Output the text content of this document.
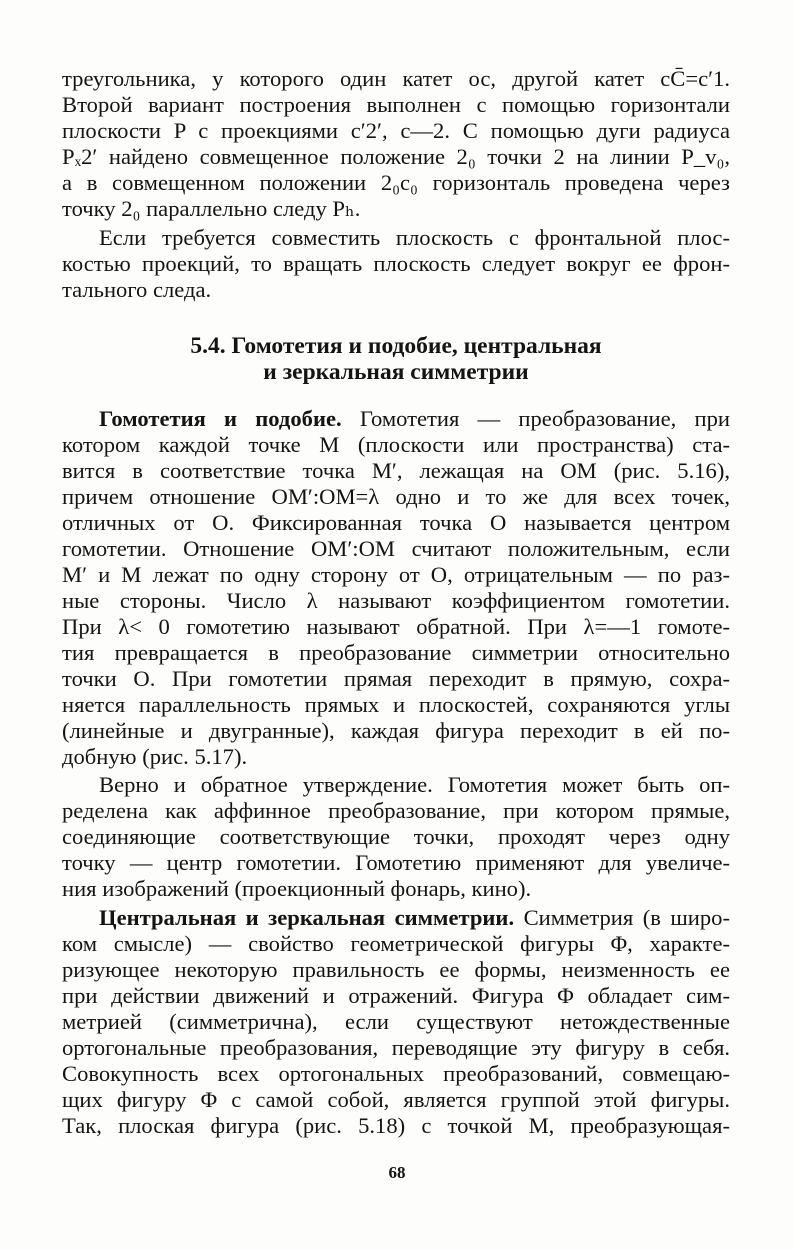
треугольника, у которого один катет ос, другой катет сC̄=с′1.
Второй вариант построения выполнен с помощью горизонтали
плоскости P с проекциями с′2′, с—2. С помощью дуги радиуса
Pₓ2′ найдено совмещенное положение 2₀ точки 2 на линии P_v₀,
а в совмещенном положении 2₀с₀ горизонталь проведена через
точку 2₀ параллельно следу Pₕ.
Если требуется совместить плоскость с фронтальной плос-
костью проекций, то вращать плоскость следует вокруг ее фрон-
тального следа.
5.4. Гомотетия и подобие, центральная
и зеркальная симметрии
Гомотетия и подобие. Гомотетия — преобразование, при
котором каждой точке M (плоскости или пространства) ста-
вится в соответствие точка M′, лежащая на OM (рис. 5.16),
причем отношение OM′:OM=λ одно и то же для всех точек,
отличных от O. Фиксированная точка O называется центром
гомотетии. Отношение OM′:OM считают положительным, если
M′ и M лежат по одну сторону от O, отрицательным — по раз-
ные стороны. Число λ называют коэффициентом гомотетии.
При λ< 0 гомотетию называют обратной. При λ=—1 гомоте-
тия превращается в преобразование симметрии относительно
точки O. При гомотетии прямая переходит в прямую, сохра-
няется параллельность прямых и плоскостей, сохраняются углы
(линейные и двугранные), каждая фигура переходит в ей по-
добную (рис. 5.17).
Верно и обратное утверждение. Гомотетия может быть оп-
ределена как аффинное преобразование, при котором прямые,
соединяющие соответствующие точки, проходят через одну
точку — центр гомотетии. Гомотетию применяют для увеличе-
ния изображений (проекционный фонарь, кино).
Центральная и зеркальная симметрии. Симметрия (в широ-
ком смысле) — свойство геометрической фигуры Φ, характе-
ризующее некоторую правильность ее формы, неизменность ее
при действии движений и отражений. Фигура Φ обладает сим-
метрией (симметрична), если существуют нетождественные
ортогональные преобразования, переводящие эту фигуру в себя.
Совокупность всех ортогональных преобразований, совмещаю-
щих фигуру Φ с самой собой, является группой этой фигуры.
Так, плоская фигура (рис. 5.18) с точкой M, преобразующая-
68
